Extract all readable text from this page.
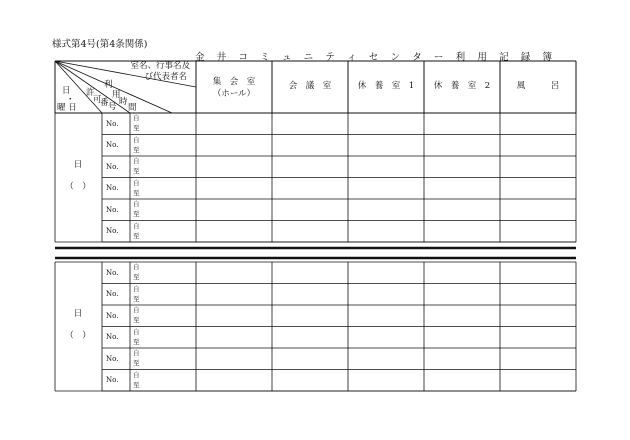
様式第4号(第4条関係)
金 井 コ ミ ュ ニ テ ィ セ ン タ ー 利 用 記 録 簿
室名、行事名及
び代表者名
利
用
時
間
許
可
番 号
日
・
曜 日
集　会　室
（ホール）
会　議　室	休　養　室　1 休　養　室　2	風　　　呂
日
（　）
No.
自
至
No.
自
至
No.
自
至
No.
自
至
No.
自
至
No.
自
至
日
（　）
No.
自
至
No.
自
至
No.
自
至
No.
自
至
No.
自
至
No.
自
至
